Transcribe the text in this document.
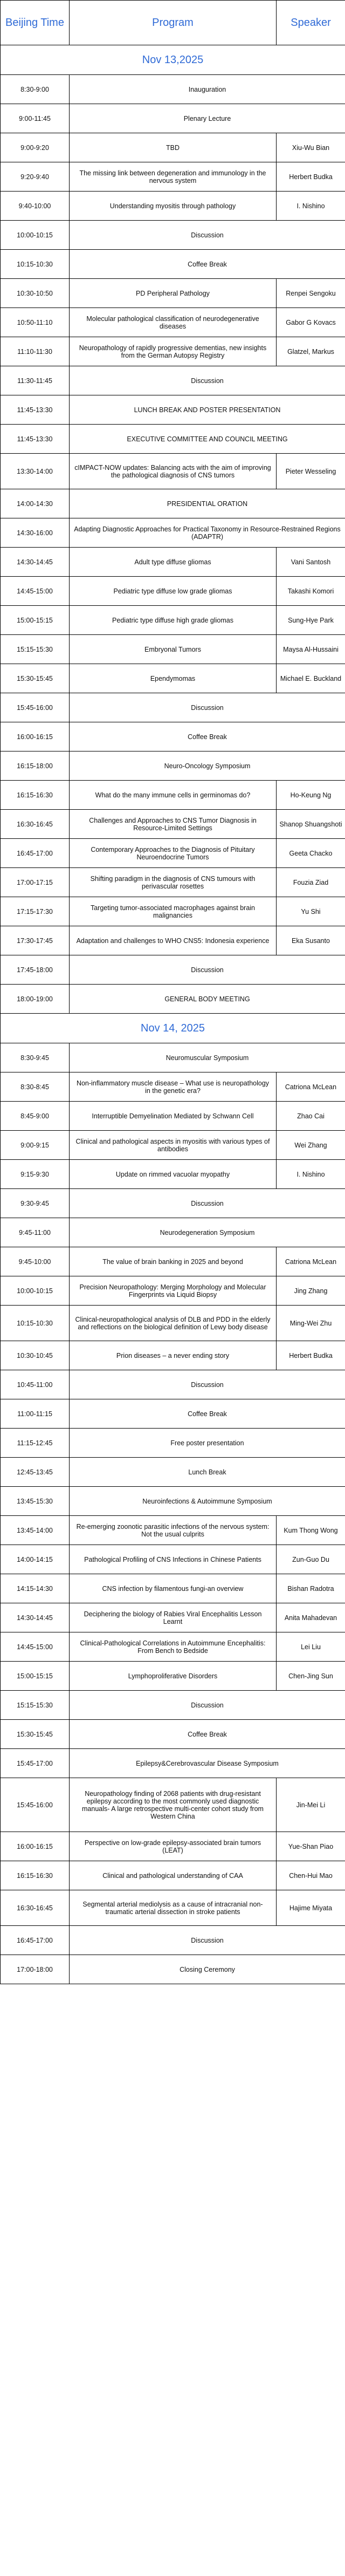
Beijing Time	Program	Speaker
Nov 13,2025		
8:30-9:00	Inauguration	
9:00-11:45	Plenary Lecture	
9:00-9:20	TBD	Xiu-Wu Bian
9:20-9:40	The missing link between degeneration and immunology in the nervous system	Herbert Budka
9:40-10:00	Understanding myositis through pathology	I. Nishino
10:00-10:15	Discussion	
10:15-10:30	Coffee Break	
10:30-10:50	PD Peripheral Pathology	Renpei Sengoku
10:50-11:10	Molecular pathological classification of neurodegenerative diseases	Gabor G Kovacs
11:10-11:30	Neuropathology of rapidly progressive dementias, new insights from the German Autopsy Registry	Glatzel, Markus
11:30-11:45	Discussion	
11:45-13:30	LUNCH BREAK AND POSTER PRESENTATION	
11:45-13:30	EXECUTIVE COMMITTEE AND COUNCIL MEETING	
13:30-14:00	cIMPACT-NOW updates: Balancing acts with the aim of improving the pathological diagnosis of CNS tumors	Pieter Wesseling
14:00-14:30	PRESIDENTIAL ORATION	
14:30-16:00	Adapting Diagnostic Approaches for Practical Taxonomy in Resource-Restrained Regions (ADAPTR)	
14:30-14:45	Adult type diffuse gliomas	Vani Santosh
14:45-15:00	Pediatric type diffuse low grade gliomas	Takashi Komori
15:00-15:15	Pediatric type diffuse high grade gliomas	Sung-Hye Park
15:15-15:30	Embryonal Tumors	Maysa Al-Hussaini
15:30-15:45	Ependymomas	Michael E. Buckland
15:45-16:00	Discussion	
16:00-16:15	Coffee Break	
16:15-18:00	Neuro-Oncology Symposium	
16:15-16:30	What do the many immune cells in germinomas do?	Ho-Keung Ng
16:30-16:45	Challenges and Approaches to CNS Tumor Diagnosis in Resource-Limited Settings	Shanop Shuangshoti
16:45-17:00	Contemporary Approaches to the Diagnosis of Pituitary Neuroendocrine Tumors	Geeta Chacko
17:00-17:15	Shifting paradigm in the diagnosis of CNS tumours with perivascular rosettes	Fouzia Ziad
17:15-17:30	Targeting tumor-associated macrophages against brain malignancies	Yu Shi
17:30-17:45	Adaptation and challenges to WHO CNS5: Indonesia experience	Eka Susanto
17:45-18:00	Discussion	
18:00-19:00	GENERAL BODY MEETING	
Nov 14, 2025		
8:30-9:45	Neuromuscular Symposium	
8:30-8:45	Non-inflammatory muscle disease – What use is neuropathology in the genetic era?	Catriona McLean
8:45-9:00	Interruptible Demyelination Mediated by Schwann Cell	Zhao Cai
9:00-9:15	Clinical and pathological aspects in myositis with various types of antibodies	Wei Zhang
9:15-9:30	Update on rimmed vacuolar myopathy	I. Nishino
9:30-9:45	Discussion	
9:45-11:00	Neurodegeneration Symposium	
9:45-10:00	The value of brain banking in 2025 and beyond	Catriona McLean
10:00-10:15	Precision Neuropathology: Merging Morphology and Molecular Fingerprints via Liquid Biopsy	Jing Zhang
10:15-10:30	Clinical-neuropathological analysis of DLB and PDD in the elderly and reflections on the biological definition of Lewy body disease	Ming-Wei Zhu
10:30-10:45	Prion diseases – a never ending story	Herbert Budka
10:45-11:00	Discussion	
11:00-11:15	Coffee Break	
11:15-12:45	Free poster presentation	
12:45-13:45	Lunch Break	
13:45-15:30	Neuroinfections & Autoimmune Symposium	
13:45-14:00	Re-emerging zoonotic parasitic infections of the nervous system: Not the usual culprits	Kum Thong Wong
14:00-14:15	Pathological Profiling of CNS Infections in Chinese Patients	Zun-Guo Du
14:15-14:30	CNS infection by filamentous fungi-an overview	Bishan Radotra
14:30-14:45	Deciphering the biology of Rabies Viral Encephalitis Lesson Learnt	Anita Mahadevan
14:45-15:00	Clinical-Pathological Correlations in Autoimmune Encephalitis: From Bench to Bedside	Lei Liu
15:00-15:15	Lymphoproliferative Disorders	Chen-Jing Sun
15:15-15:30	Discussion	
15:30-15:45	Coffee Break	
15:45-17:00	Epilepsy&Cerebrovascular Disease Symposium	
15:45-16:00	Neuropathology finding of 2068 patients with drug-resistant epilepsy according to the most commonly used diagnostic manuals- A large retrospective multi-center cohort study from Western China	Jin-Mei Li
16:00-16:15	Perspective on low-grade epilepsy-associated brain tumors (LEAT)	Yue-Shan Piao
16:15-16:30	Clinical and pathological understanding of CAA	Chen-Hui Mao
16:30-16:45	Segmental arterial mediolysis as a cause of intracranial non-traumatic arterial dissection in stroke patients	Hajime Miyata
16:45-17:00	Discussion	
17:00-18:00	Closing Ceremony	
